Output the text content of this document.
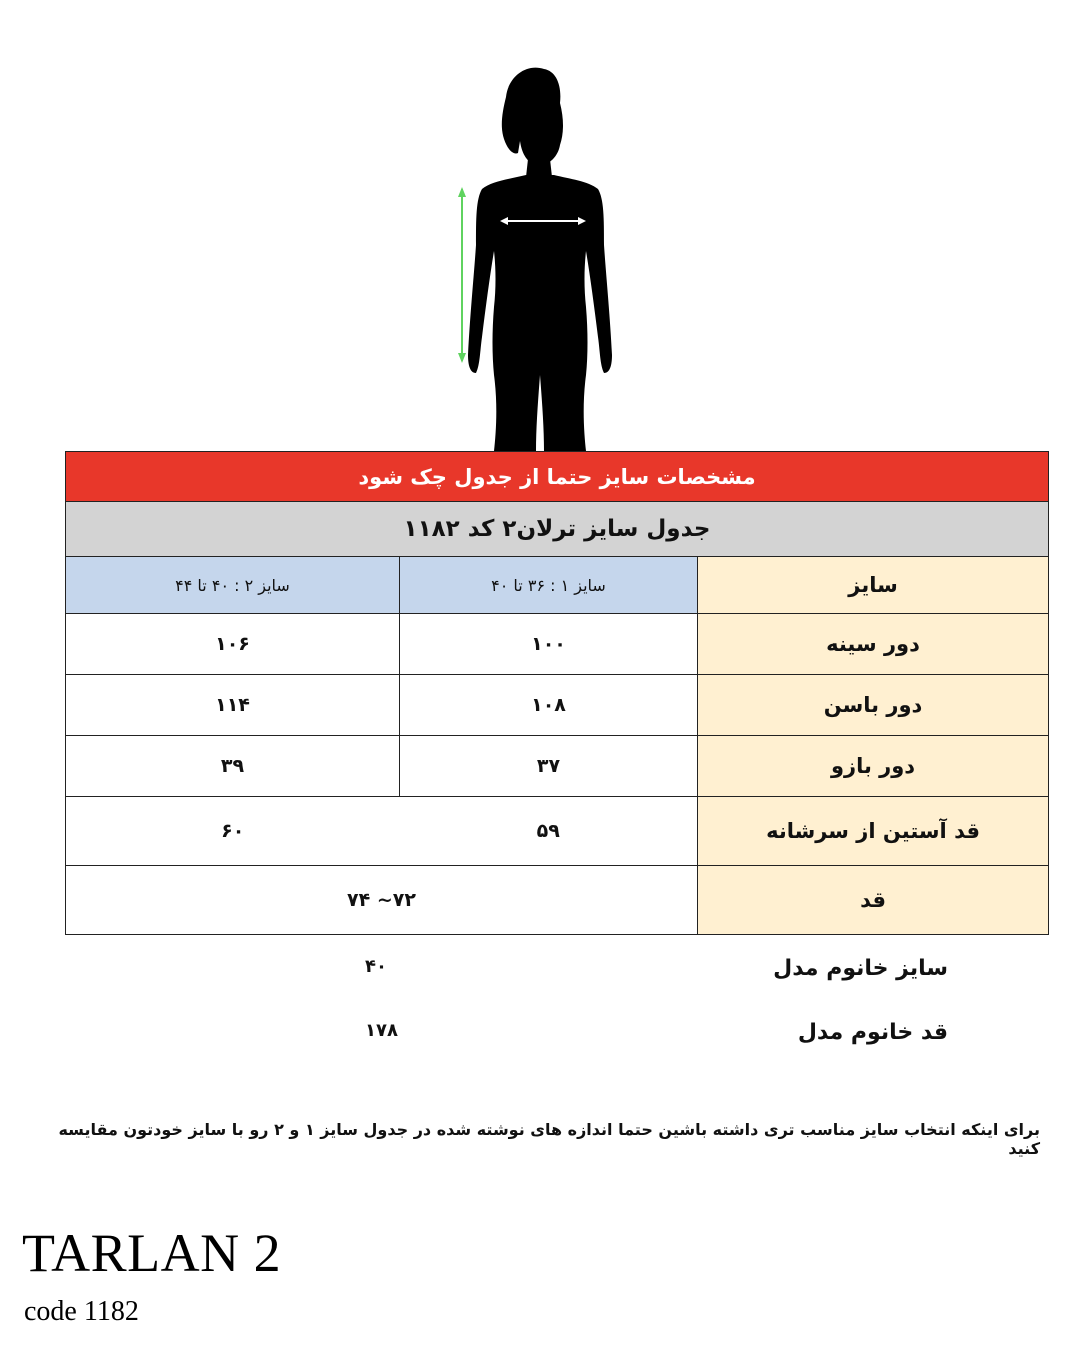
مشخصات سایز حتما از جدول چک شود		
جدول سایز ترلان۲ کد ۱۱۸۲		
سایز ۲ : ۴۰ تا ۴۴	سایز ۱ : ۳۶ تا ۴۰	سایز
۱۰۶	۱۰۰	دور سینه
۱۱۴	۱۰۸	دور باسن
۳۹	۳۷	دور بازو

۶۰ ۵۹		قد آستین از سرشانه
۷۲~ ۷۴		قد
سایز خانوم مدل
۴۰
قد خانوم مدل
۱۷۸
برای اینکه انتخاب سایز مناسب تری داشته باشین حتما اندازه های نوشته شده در جدول سایز ۱ و ۲ رو با سایز خودتون مقایسه کنید
TARLAN 2
code 1182
